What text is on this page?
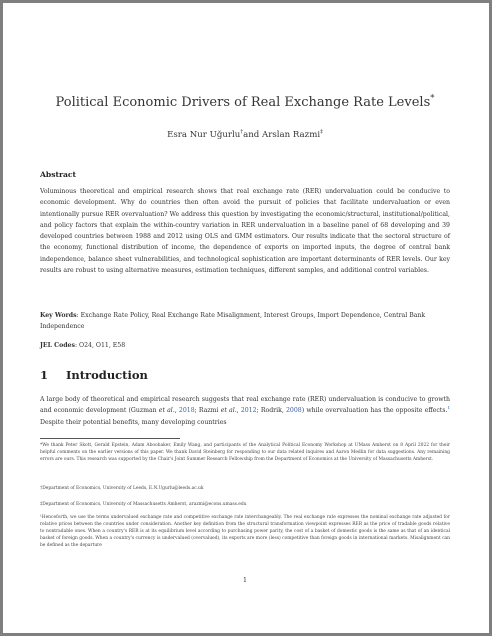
Political Economic Drivers of Real Exchange Rate Levels*
Esra Nur Uğurlu†and Arslan Razmi‡
Abstract
Voluminous theoretical and empirical research shows that real exchange rate (RER) undervaluation could be conducive to economic development. Why do countries then often avoid the pursuit of policies that facilitate undervaluation or even intentionally pursue RER overvaluation? We address this question by investigating the economic/structural, institutional/political, and policy factors that explain the within-country variation in RER undervaluation in a baseline panel of 68 developing and 39 developed countries between 1988 and 2012 using OLS and GMM estimators. Our results indicate that the sectoral structure of the economy, functional distribution of income, the dependence of exports on imported inputs, the degree of central bank independence, balance sheet vulnerabilities, and technological sophistication are important determinants of RER levels. Our key results are robust to using alternative measures, estimation techniques, different samples, and additional control variables.
Key Words: Exchange Rate Policy, Real Exchange Rate Misalignment, Interest Groups, Import Dependence, Central Bank Independence
JEL Codes: O24, O11, E58
1 Introduction
A large body of theoretical and empirical research suggests that real exchange rate (RER) undervaluation is conducive to growth and economic development (Guzman et al., 2018; Razmi et al., 2012; Rodrik, 2008) while overvaluation has the opposite effects.$^1$ Despite their potential benefits, many developing countries
*We thank Peter Skott, Gerald Epstein, Adam Aboobaker, Emily Wang, and participants of the Analytical Political Economy Workshop at UMass Amherst on 8 April 2022 for their helpful comments on the earlier versions of this paper. We thank David Steinberg for responding to our data related inquires and Aaron Medlin for data suggestions. Any remaining errors are ours. This research was supported by the Chair's Joint Summer Research Fellowship from the Department of Economics at the University of Massachusetts Amherst.
†Department of Economics, University of Leeds, E.N.Ugurlu@leeds.ac.uk
‡Department of Economics, University of Massachusetts Amherst, arazmi@econs.umass.edu
¹Henceforth, we use the terms undervalued exchange rate and competitive exchange rate interchangeably. The real exchange rate expresses the nominal exchange rate adjusted for relative prices between the countries under consideration. Another key definition from the structural transformation viewpoint expresses RER as the price of tradable goods relative to nontradable ones. When a country's RER is at its equilibrium level according to purchasing power parity, the cost of a basket of domestic goods is the same as that of an identical basket of foreign goods. When a country's currency is undervalued (overvalued), its exports are more (less) competitive than foreign goods in international markets. Misalignment can be defined as the departure
1
